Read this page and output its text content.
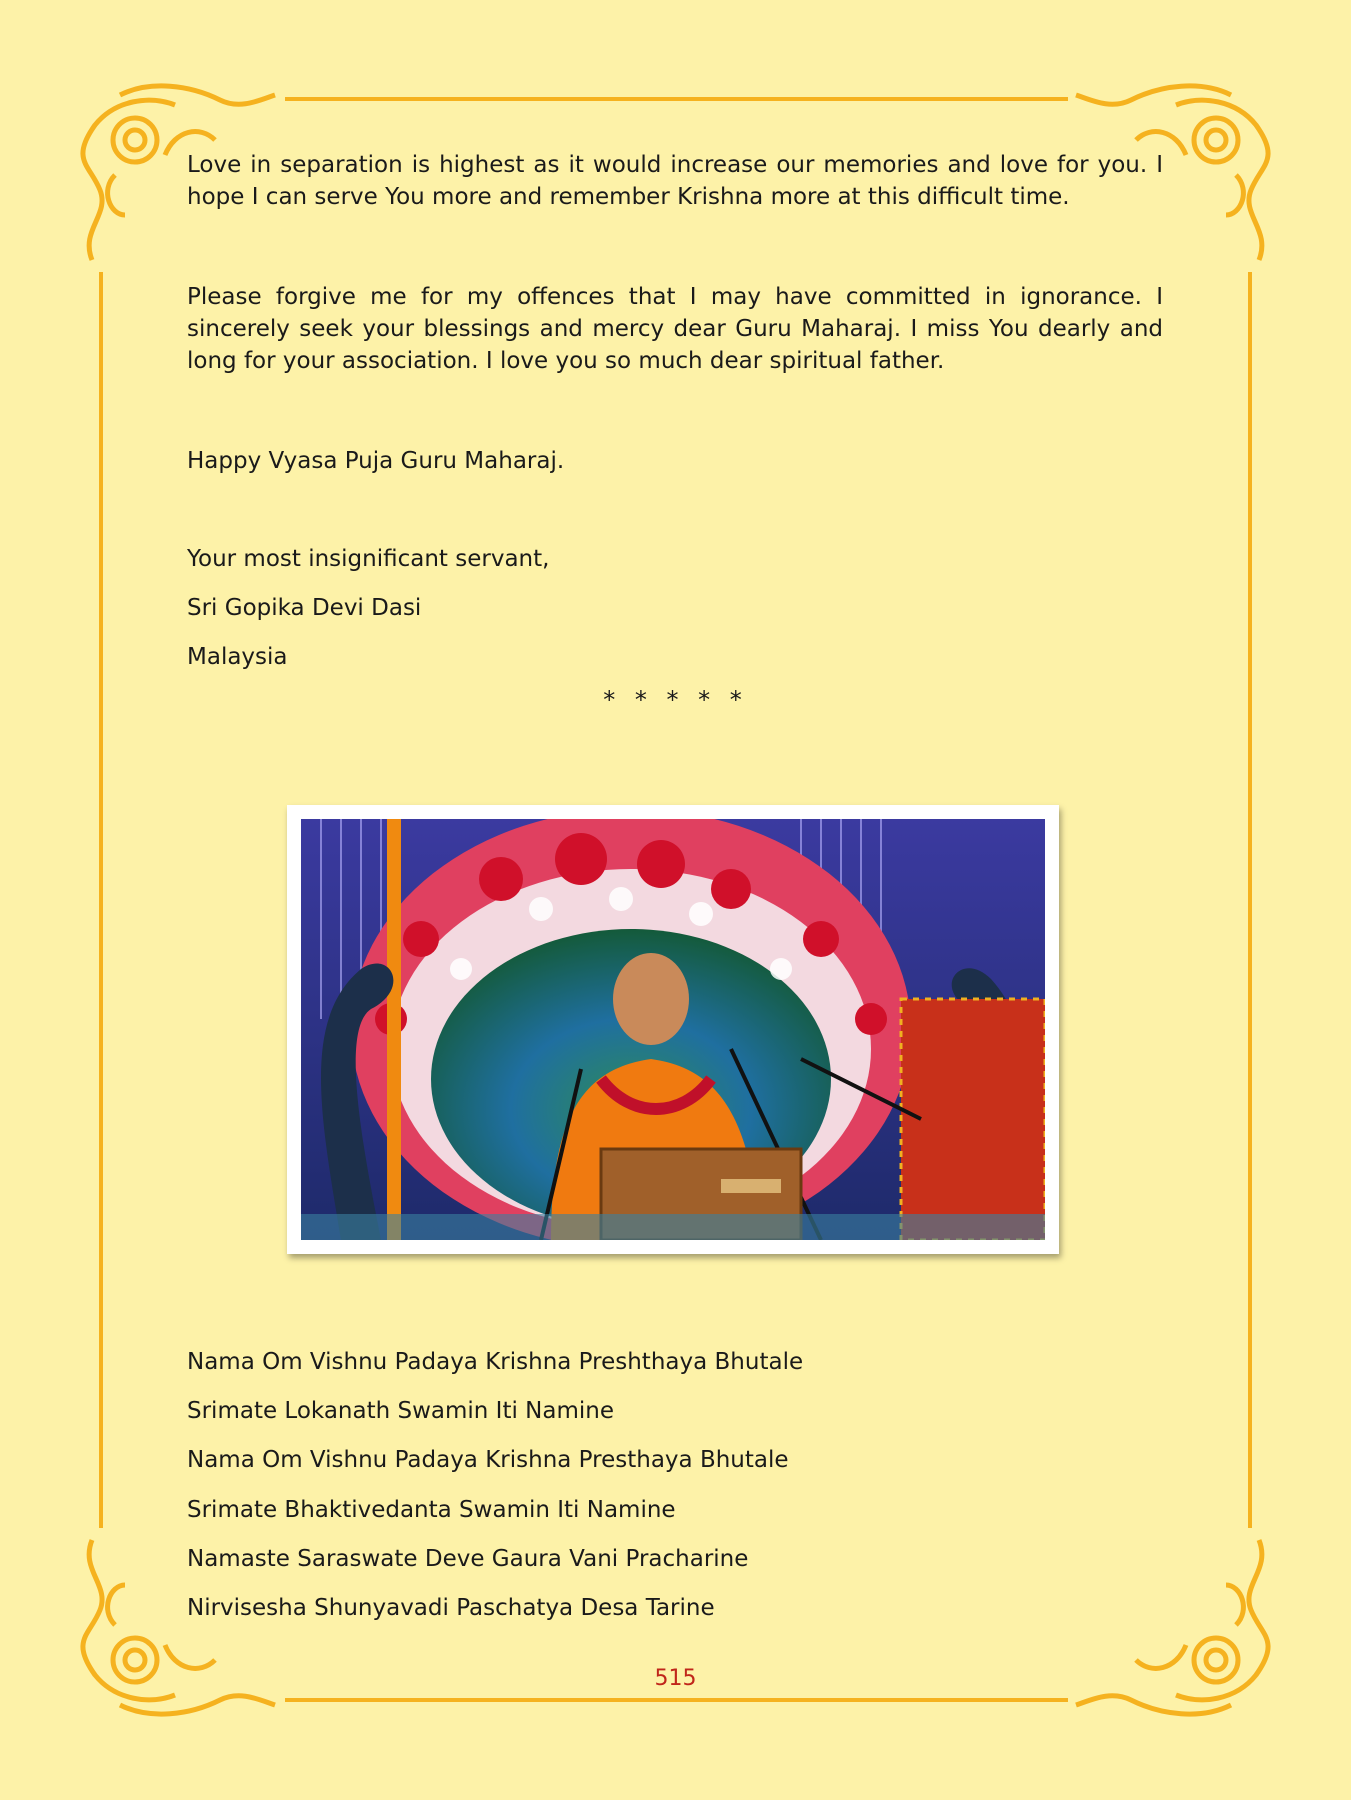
Love in separation is highest as it would increase our memories and love for you. I hope I can serve You more and remember Krishna more at this difficult time.
Please forgive me for my offences that I may have committed in ignorance. I sincerely seek your blessings and mercy dear Guru Maharaj. I miss You dearly and long for your association. I love you so much dear spiritual father.
Happy Vyasa Puja Guru Maharaj.
Your most insignificant servant,
Sri Gopika Devi Dasi
Malaysia
* * * * *
Nama Om Vishnu Padaya Krishna Preshthaya Bhutale
Srimate Lokanath Swamin Iti Namine
Nama Om Vishnu Padaya Krishna Presthaya Bhutale
Srimate Bhaktivedanta Swamin Iti Namine
Namaste Saraswate Deve Gaura Vani Pracharine
Nirvisesha Shunyavadi Paschatya Desa Tarine
515
